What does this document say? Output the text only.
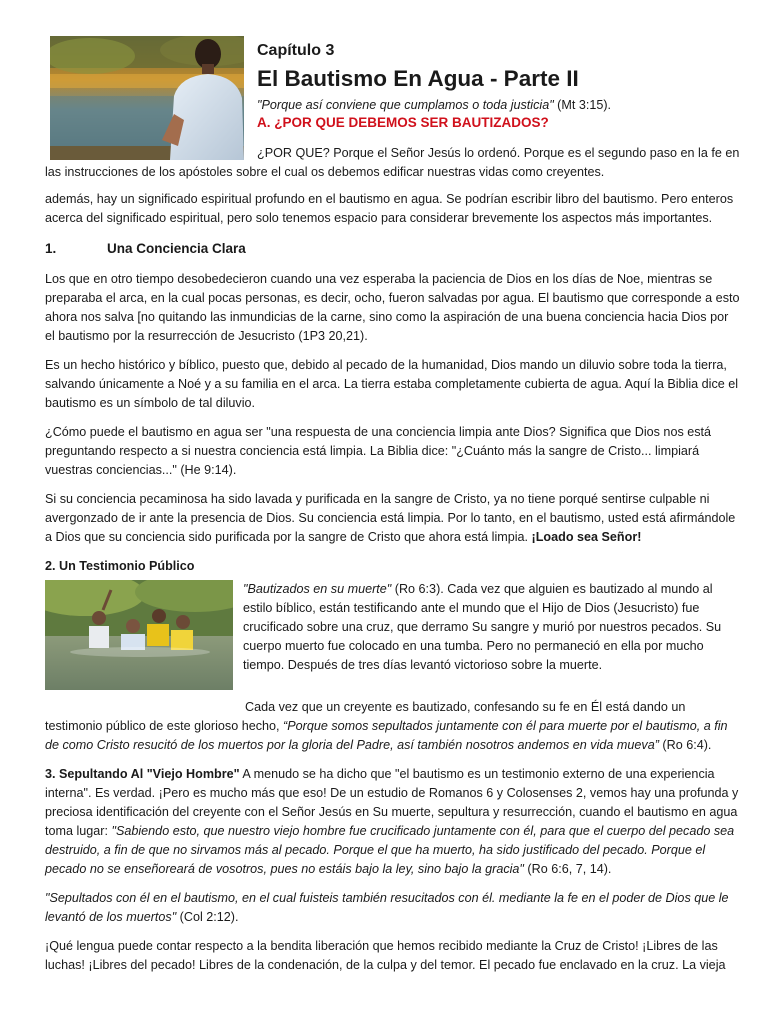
Capítulo 3

El Bautismo En Agua - Parte II

"Porque así conviene que cumplamos o toda justicia" (Mt 3:15).

A. ¿POR QUE DEBEMOS SER BAUTIZADOS?

¿POR QUE? Porque el Señor Jesús lo ordenó. Porque es el segundo paso en la fe en las instrucciones de los apóstoles sobre el cual os debemos edificar nuestras vidas como creyentes.

además, hay un significado espiritual profundo en el bautismo en agua. Se podrían escribir libro del bautismo. Pero enteros acerca del significado espiritual, pero solo tenemos espacio para considerar brevemente los aspectos más importantes.

1.	Una Conciencia Clara

Los que en otro tiempo desobedecieron cuando una vez esperaba la paciencia de Dios en los días de Noe, mientras se preparaba el arca, en la cual pocas personas, es decir, ocho, fueron salvadas por agua. El bautismo que corresponde a esto ahora nos salva [no quitando las inmundicias de la carne, sino como la aspiración de una buena conciencia hacia Dios por el bautismo por la resurrección de Jesucristo (1P3 20,21).

Es un hecho histórico y bíblico, puesto que, debido al pecado de la humanidad, Dios mando un diluvio sobre toda la tierra, salvando únicamente a Noé y a su familia en el arca. La tierra estaba completamente cubierta de agua. Aquí la Biblia dice el bautismo es un símbolo de tal diluvio.

¿Cómo puede el bautismo en agua ser "una respuesta de una conciencia limpia ante Dios? Significa que Dios nos está preguntando respecto a si nuestra conciencia está limpia. La Biblia dice: "¿Cuánto más la sangre de Cristo... limpiará vuestras conciencias..." (He 9:14).

Si su conciencia pecaminosa ha sido lavada y purificada en la sangre de Cristo, ya no tiene porqué sentirse culpable ni avergonzado de ir ante la presencia de Dios. Su conciencia está limpia. Por lo tanto, en el bautismo, usted está afirmándole a Dios que su conciencia sido purificada por la sangre de Cristo que ahora está limpia. ¡Loado sea Señor!

2. Un Testimonio Público

"Bautizados en su muerte" (Ro 6:3). Cada vez que alguien es bautizado al mundo al estilo bíblico, están testificando ante el mundo que el Hijo de Dios (Jesucristo) fue crucificado sobre una cruz, que derramo Su sangre y murió por nuestros pecados. Su cuerpo muerto fue colocado en una tumba. Pero no permaneció en ella por mucho tiempo. Después de tres días levantó victorioso sobre la muerte.

Cada vez que un creyente es bautizado, confesando su fe en Él está dando un testimonio público de este glorioso hecho, “Porque somos sepultados juntamente con él para muerte por el bautismo, a fin de como Cristo resucitó de los muertos por la gloria del Padre, así también nosotros andemos en vida mueva” (Ro 6:4).

3. Sepultando Al "Viejo Hombre" A menudo se ha dicho que "el bautismo es un testimonio externo de una experiencia interna". Es verdad. ¡Pero es mucho más que eso! De un estudio de Romanos 6 y Colosenses 2, vemos hay una profunda y preciosa identificación del creyente con el Señor Jesús en Su muerte, sepultura y resurrección, cuando el bautismo en agua toma lugar: "Sabiendo esto, que nuestro viejo hombre fue crucificado juntamente con él, para que el cuerpo del pecado sea destruido, a fin de que no sirvamos más al pecado. Porque el que ha muerto, ha sido justificado del pecado. Porque el pecado no se enseñoreará de vosotros, pues no estáis bajo la ley, sino bajo la gracia" (Ro 6:6, 7, 14).

"Sepultados con él en el bautismo, en el cual fuisteis también resucitados con él. mediante la fe en el poder de Dios que le levantó de los muertos" (Col 2:12).

¡Qué lengua puede contar respecto a la bendita liberación que hemos recibido mediante la Cruz de Cristo! ¡Libres de las luchas! ¡Libres del pecado! Libres de la condenación, de la culpa y del temor. El pecado fue enclavado en la cruz. La vieja
